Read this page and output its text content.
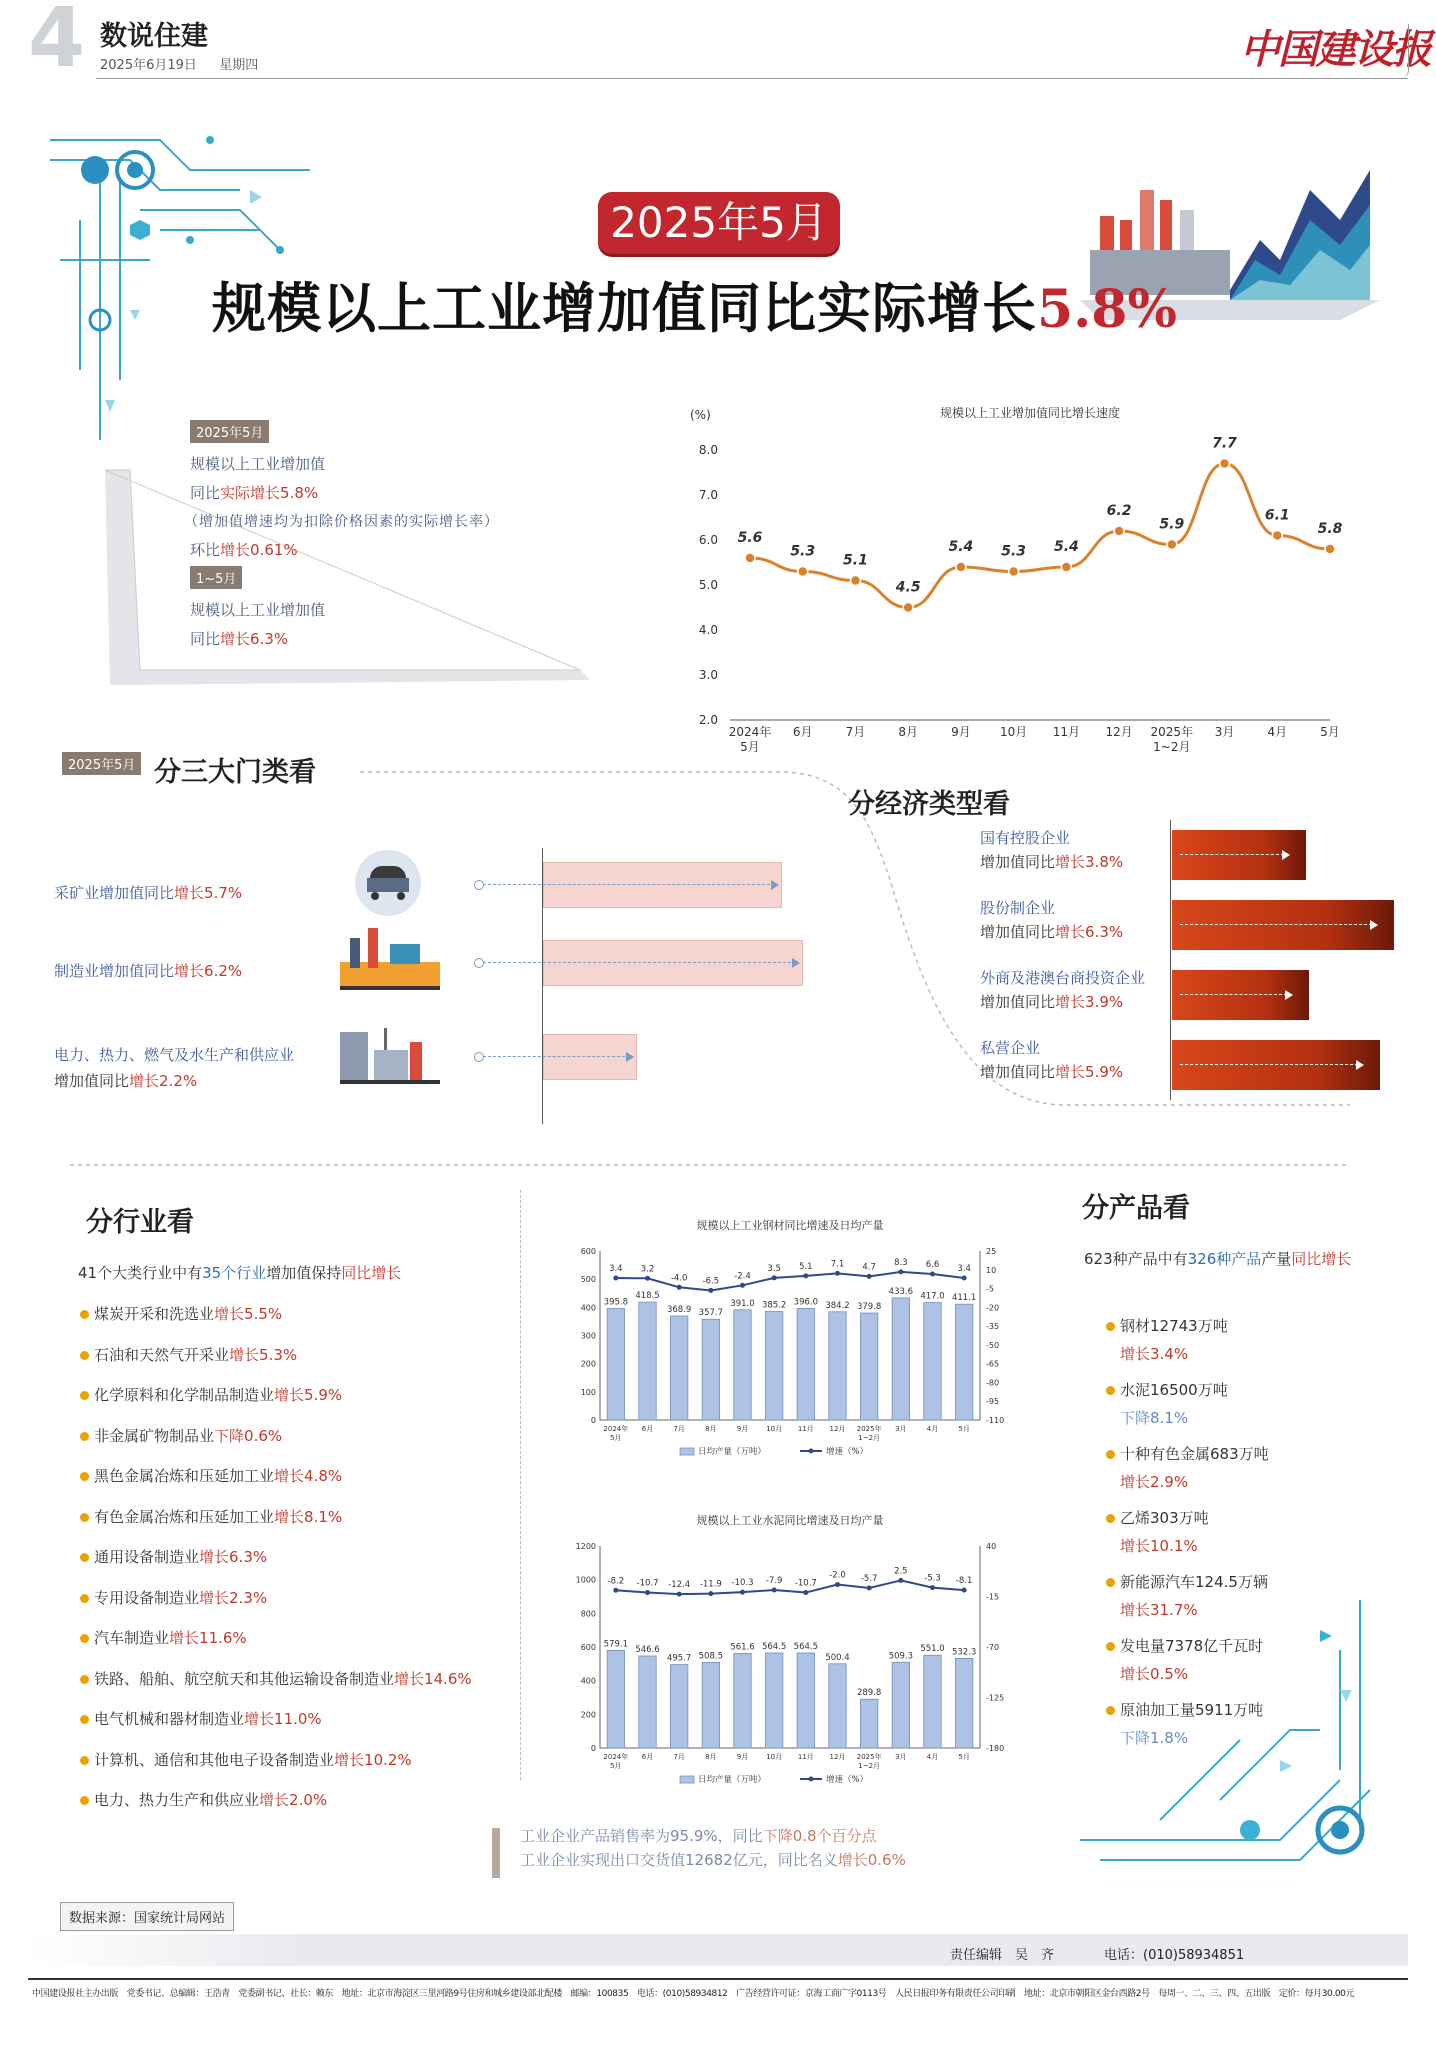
4 数说住建
2025年6月19日 星期四	中国建设报
2025年5月
规模以上工业增加值同比实际增长5.8%
2025年5月
规模以上工业增加值
同比实际增长5.8%
（增加值增速均为扣除价格因素的实际增长率）
环比增长0.61%
1~5月
规模以上工业增加值
同比增长6.3%
规模以上工业增加值同比增长速度
(%)
8.0
7.0
6.0
5.0
4.0
3.0
2.0
2024年 5月
6月	7月	8月	9月 10月 11月 12月 2025年 1~2月
3月	4月	5月
5.6
5.3
5.1
4.5
5.4 5.3 5.4
6.2
5.9
7.7
6.1
5.8
2025年5月 分三大门类看
采矿业增加值同比增长5.7%
制造业增加值同比增长6.2%
电力、热力、燃气及水生产和供应业
增加值同比增长2.2%
分经济类型看
国有控股企业
增加值同比增长3.8%
股份制企业
增加值同比增长6.3%
外商及港澳台商投资企业
增加值同比增长3.9%
私营企业
增加值同比增长5.9%
分行业看
41个大类行业中有35个行业增加值保持同比增长
煤炭开采和洗选业增长5.5%
石油和天然气开采业增长5.3%
化学原料和化学制品制造业增长5.9%
非金属矿物制品业下降0.6%
黑色金属冶炼和压延加工业增长4.8%
有色金属冶炼和压延加工业增长8.1%
通用设备制造业增长6.3%
专用设备制造业增长2.3%
汽车制造业增长11.6%
铁路、船舶、航空航天和其他运输设备制造业增长14.6%
电气机械和器材制造业增长11.0%
计算机、通信和其他电子设备制造业增长10.2%
电力、热力生产和供应业增长2.0%
规模以上工业钢材同比增速及日均产量
600
500
400
300
200
100
0
25
10
-5
-20
-35
-50
-65
-80
-95
-110
395.8
418.5
368.9 357.7
391.0 385.2 396.0 384.2 379.8
433.6 417.0 411.1
3.4 3.2
-4.0 -6.5
-2.4
3.5 5.1 7.1 4.7 8.3 6.6 3.4
2024年 5月
6月	7月	8月	9月	10月 11月 12月 2025年 1~2月
3月	4月	5月
日均产量（万吨）	增速（%）
规模以上工业水泥同比增速及日均产量
1200
1000
800
600
400
200
0
40
-15
-70
-125
-180
579.1
546.6
495.7 508.5
561.6 564.5 564.5
500.4
289.8
509.3
551.0 532.3
-8.2 -10.7 -12.4 -11.9 -10.3 -7.9 -10.7
-2.0 -5.7
2.5
-5.3 -8.1
2024年 5月
6月	7月	8月	9月	10月 11月 12月 2025年 1~2月
3月	4月	5月
日均产量（万吨）	增速（%）
分产品看
623种产品中有326种产品产量同比增长
钢材12743万吨
增长3.4%
水泥16500万吨
下降8.1%
十种有色金属683万吨
增长2.9%
乙烯303万吨
增长10.1%
新能源汽车124.5万辆
增长31.7%
发电量7378亿千瓦时
增长0.5%
原油加工量5911万吨
下降1.8%
工业企业产品销售率为95.9%，同比下降0.8个百分点
工业企业实现出口交货值12682亿元，同比名义增长0.6%
数据来源：国家统计局网站
责任编辑　吴　齐	电话：(010)58934851
中国建设报社主办出版　党委书记、总编辑：王浩青　党委副书记、社长：赖东　地址：北京市海淀区三里河路9号住房和城乡建设部北配楼　邮编：100835　电话：(010)58934812　广告经营许可证：京海工商广字0113号　人民日报印务有限责任公司印刷　地址：北京市朝阳区金台西路2号　每周一、二、三、四、五出版　定价：每月30.00元
